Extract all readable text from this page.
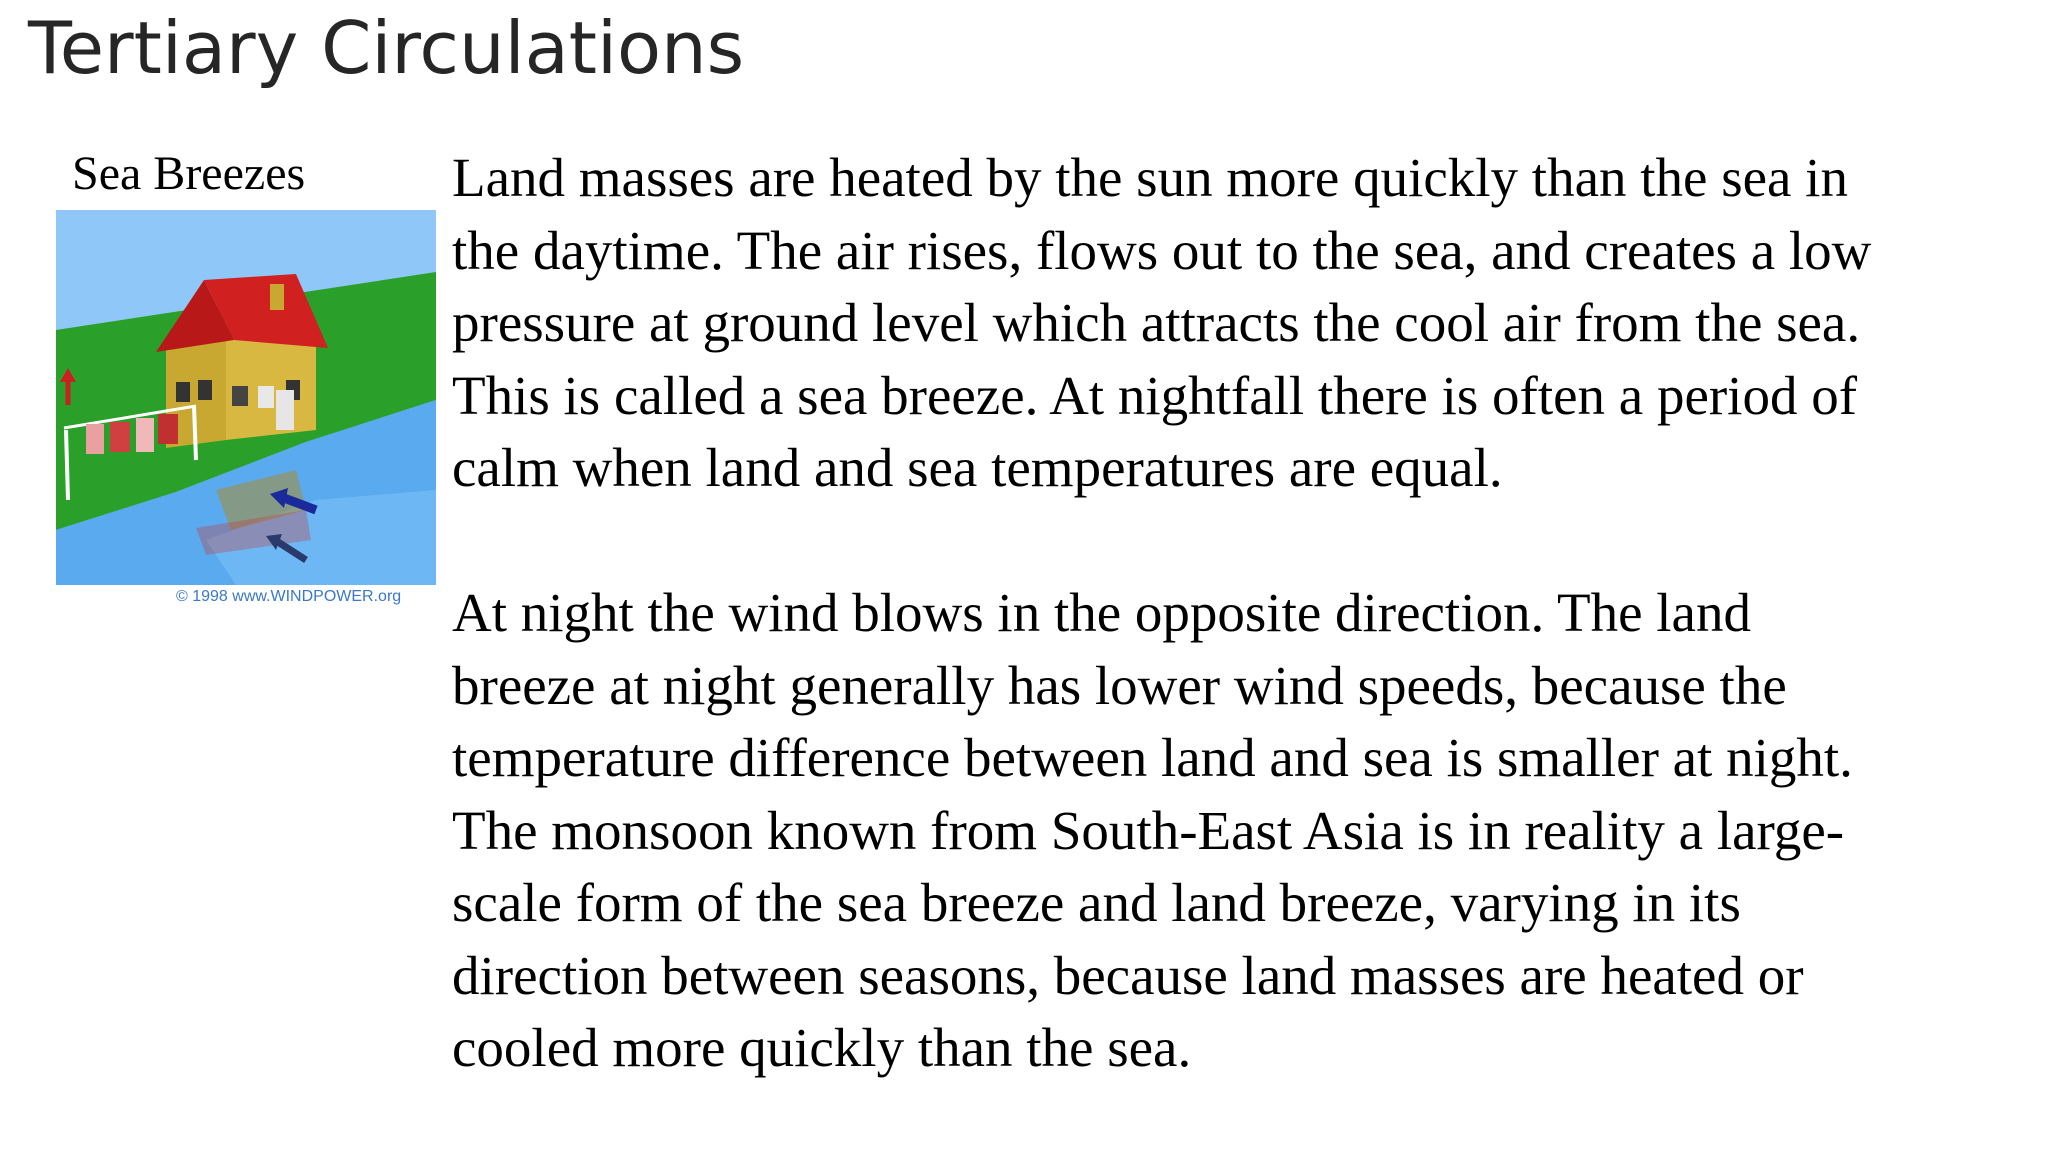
Tertiary Circulations
Sea Breezes
© 1998 www.WINDPOWER.org

Land masses are heated by the sun more quickly than the sea in
the daytime. The air rises, flows out to the sea, and creates a low
pressure at ground level which attracts the cool air from the sea.
This is called a sea breeze. At nightfall there is often a period of
calm when land and sea temperatures are equal.

At night the wind blows in the opposite direction. The land
breeze at night generally has lower wind speeds, because the
temperature difference between land and sea is smaller at night.
The monsoon known from South-East Asia is in reality a large-
scale form of the sea breeze and land breeze, varying in its
direction between seasons, because land masses are heated or
cooled more quickly than the sea.
